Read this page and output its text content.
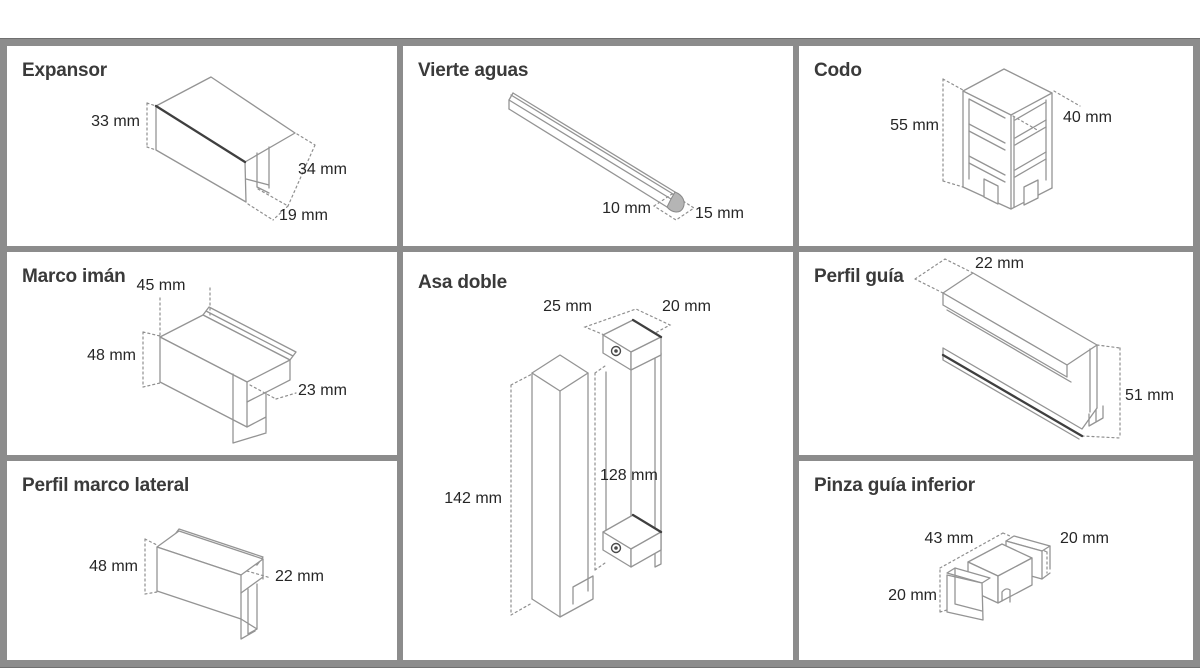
Expansor
33 mm
34 mm
19 mm
Vierte aguas
10 mm	15 mm
Codo
55 mm	40 mm
Marco imán 45 mm
48 mm
23 mm
Asa doble
25 mm	20 mm
142 mm
128 mm
Perfil guía
22 mm
51 mm
Perfil marco lateral
48 mm
22 mm
Pinza guía inferior
43 mm	20 mm
20 mm
